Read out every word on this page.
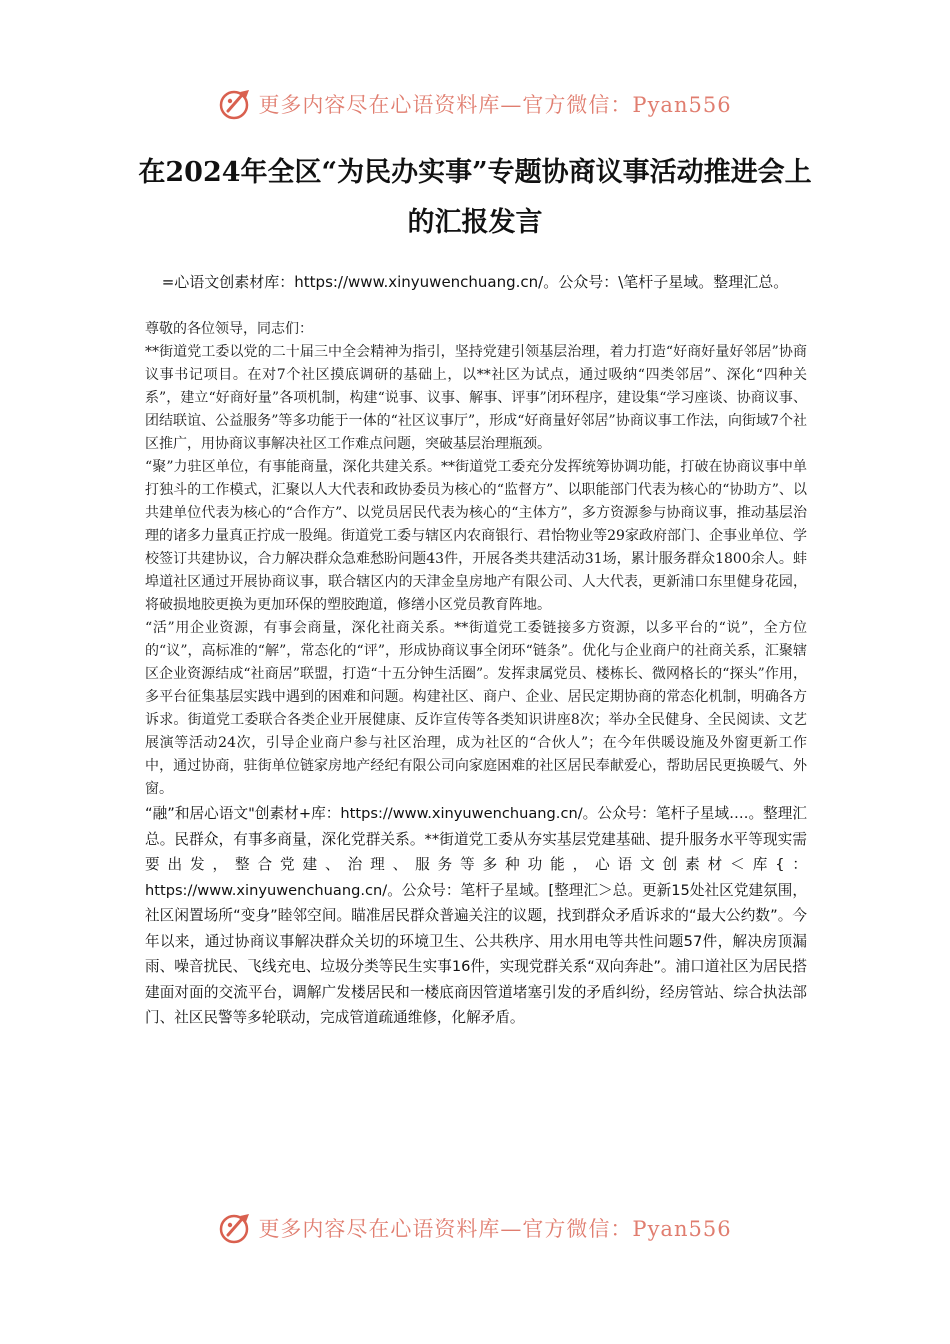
更多内容尽在心语资料库—官方微信：Pyan556
在2024年全区“为民办实事”专题协商议事活动推进会上的汇报发言
=心语文创素材库：https://www.xinyuwenchuang.cn/。公众号：\笔杆子星域。整理汇总。

尊敬的各位领导，同志们：

**街道党工委以党的二十届三中全会精神为指引，坚持党建引领基层治理，着力打造“好商好量好邻居”协商议事书记项目。在对7个社区摸底调研的基础上，以**社区为试点，通过吸纳“四类邻居”、深化“四种关系”，建立“好商好量”各项机制，构建“说事、议事、解事、评事”闭环程序，建设集“学习座谈、协商议事、团结联谊、公益服务”等多功能于一体的“社区议事厅”，形成“好商量好邻居”协商议事工作法，向街域7个社区推广，用协商议事解决社区工作难点问题，突破基层治理瓶颈。

“聚”力驻区单位，有事能商量，深化共建关系。**街道党工委充分发挥统筹协调功能，打破在协商议事中单打独斗的工作模式，汇聚以人大代表和政协委员为核心的“监督方”、以职能部门代表为核心的“协助方”、以共建单位代表为核心的“合作方”、以党员居民代表为核心的“主体方”，多方资源参与协商议事，推动基层治理的诸多力量真正拧成一股绳。街道党工委与辖区内农商银行、君怡物业等29家政府部门、企事业单位、学校签订共建协议，合力解决群众急难愁盼问题43件，开展各类共建活动31场，累计服务群众1800余人。蚌埠道社区通过开展协商议事，联合辖区内的天津金皇房地产有限公司、人大代表，更新浦口东里健身花园，将破损地胶更换为更加环保的塑胶跑道，修缮小区党员教育阵地。

“活”用企业资源，有事会商量，深化社商关系。**街道党工委链接多方资源，以多平台的“说”，全方位的“议”，高标准的“解”，常态化的“评”，形成协商议事全闭环“链条”。优化与企业商户的社商关系，汇聚辖区企业资源结成“社商居”联盟，打造“十五分钟生活圈”。发挥隶属党员、楼栋长、微网格长的“探头”作用，多平台征集基层实践中遇到的困难和问题。构建社区、商户、企业、居民定期协商的常态化机制，明确各方诉求。街道党工委联合各类企业开展健康、反诈宣传等各类知识讲座8次；举办全民健身、全民阅读、文艺展演等活动24次，引导企业商户参与社区治理，成为社区的“合伙人”；在今年供暖设施及外窗更新工作中，通过协商，驻街单位链家房地产经纪有限公司向家庭困难的社区居民奉献爱心，帮助居民更换暖气、外窗。

“融”和居心语文"创素材+库：https://www.xinyuwenchuang.cn/。公众号：笔杆子星域….。整理汇总。民群众，有事多商量，深化党群关系。**街道党工委从夯实基层党建基础、提升服务水平等现实需要出发，整合党建、治理、服务等多种功能，心语文创素材＜库{：https://www.xinyuwenchuang.cn/。公众号：笔杆子星域。[整理汇＞总。更新15处社区党建氛围，社区闲置场所“变身”睦邻空间。瞄准居民群众普遍关注的议题，找到群众矛盾诉求的“最大公约数”。今年以来，通过协商议事解决群众关切的环境卫生、公共秩序、用水用电等共性问题57件，解决房顶漏雨、噪音扰民、飞线充电、垃圾分类等民生实事16件，实现党群关系“双向奔赴”。浦口道社区为居民搭建面对面的交流平台，调解广发楼居民和一楼底商因管道堵塞引发的矛盾纠纷，经房管站、综合执法部门、社区民警等多轮联动，完成管道疏通维修，化解矛盾。

更多内容尽在心语资料库—官方微信：Pyan556
